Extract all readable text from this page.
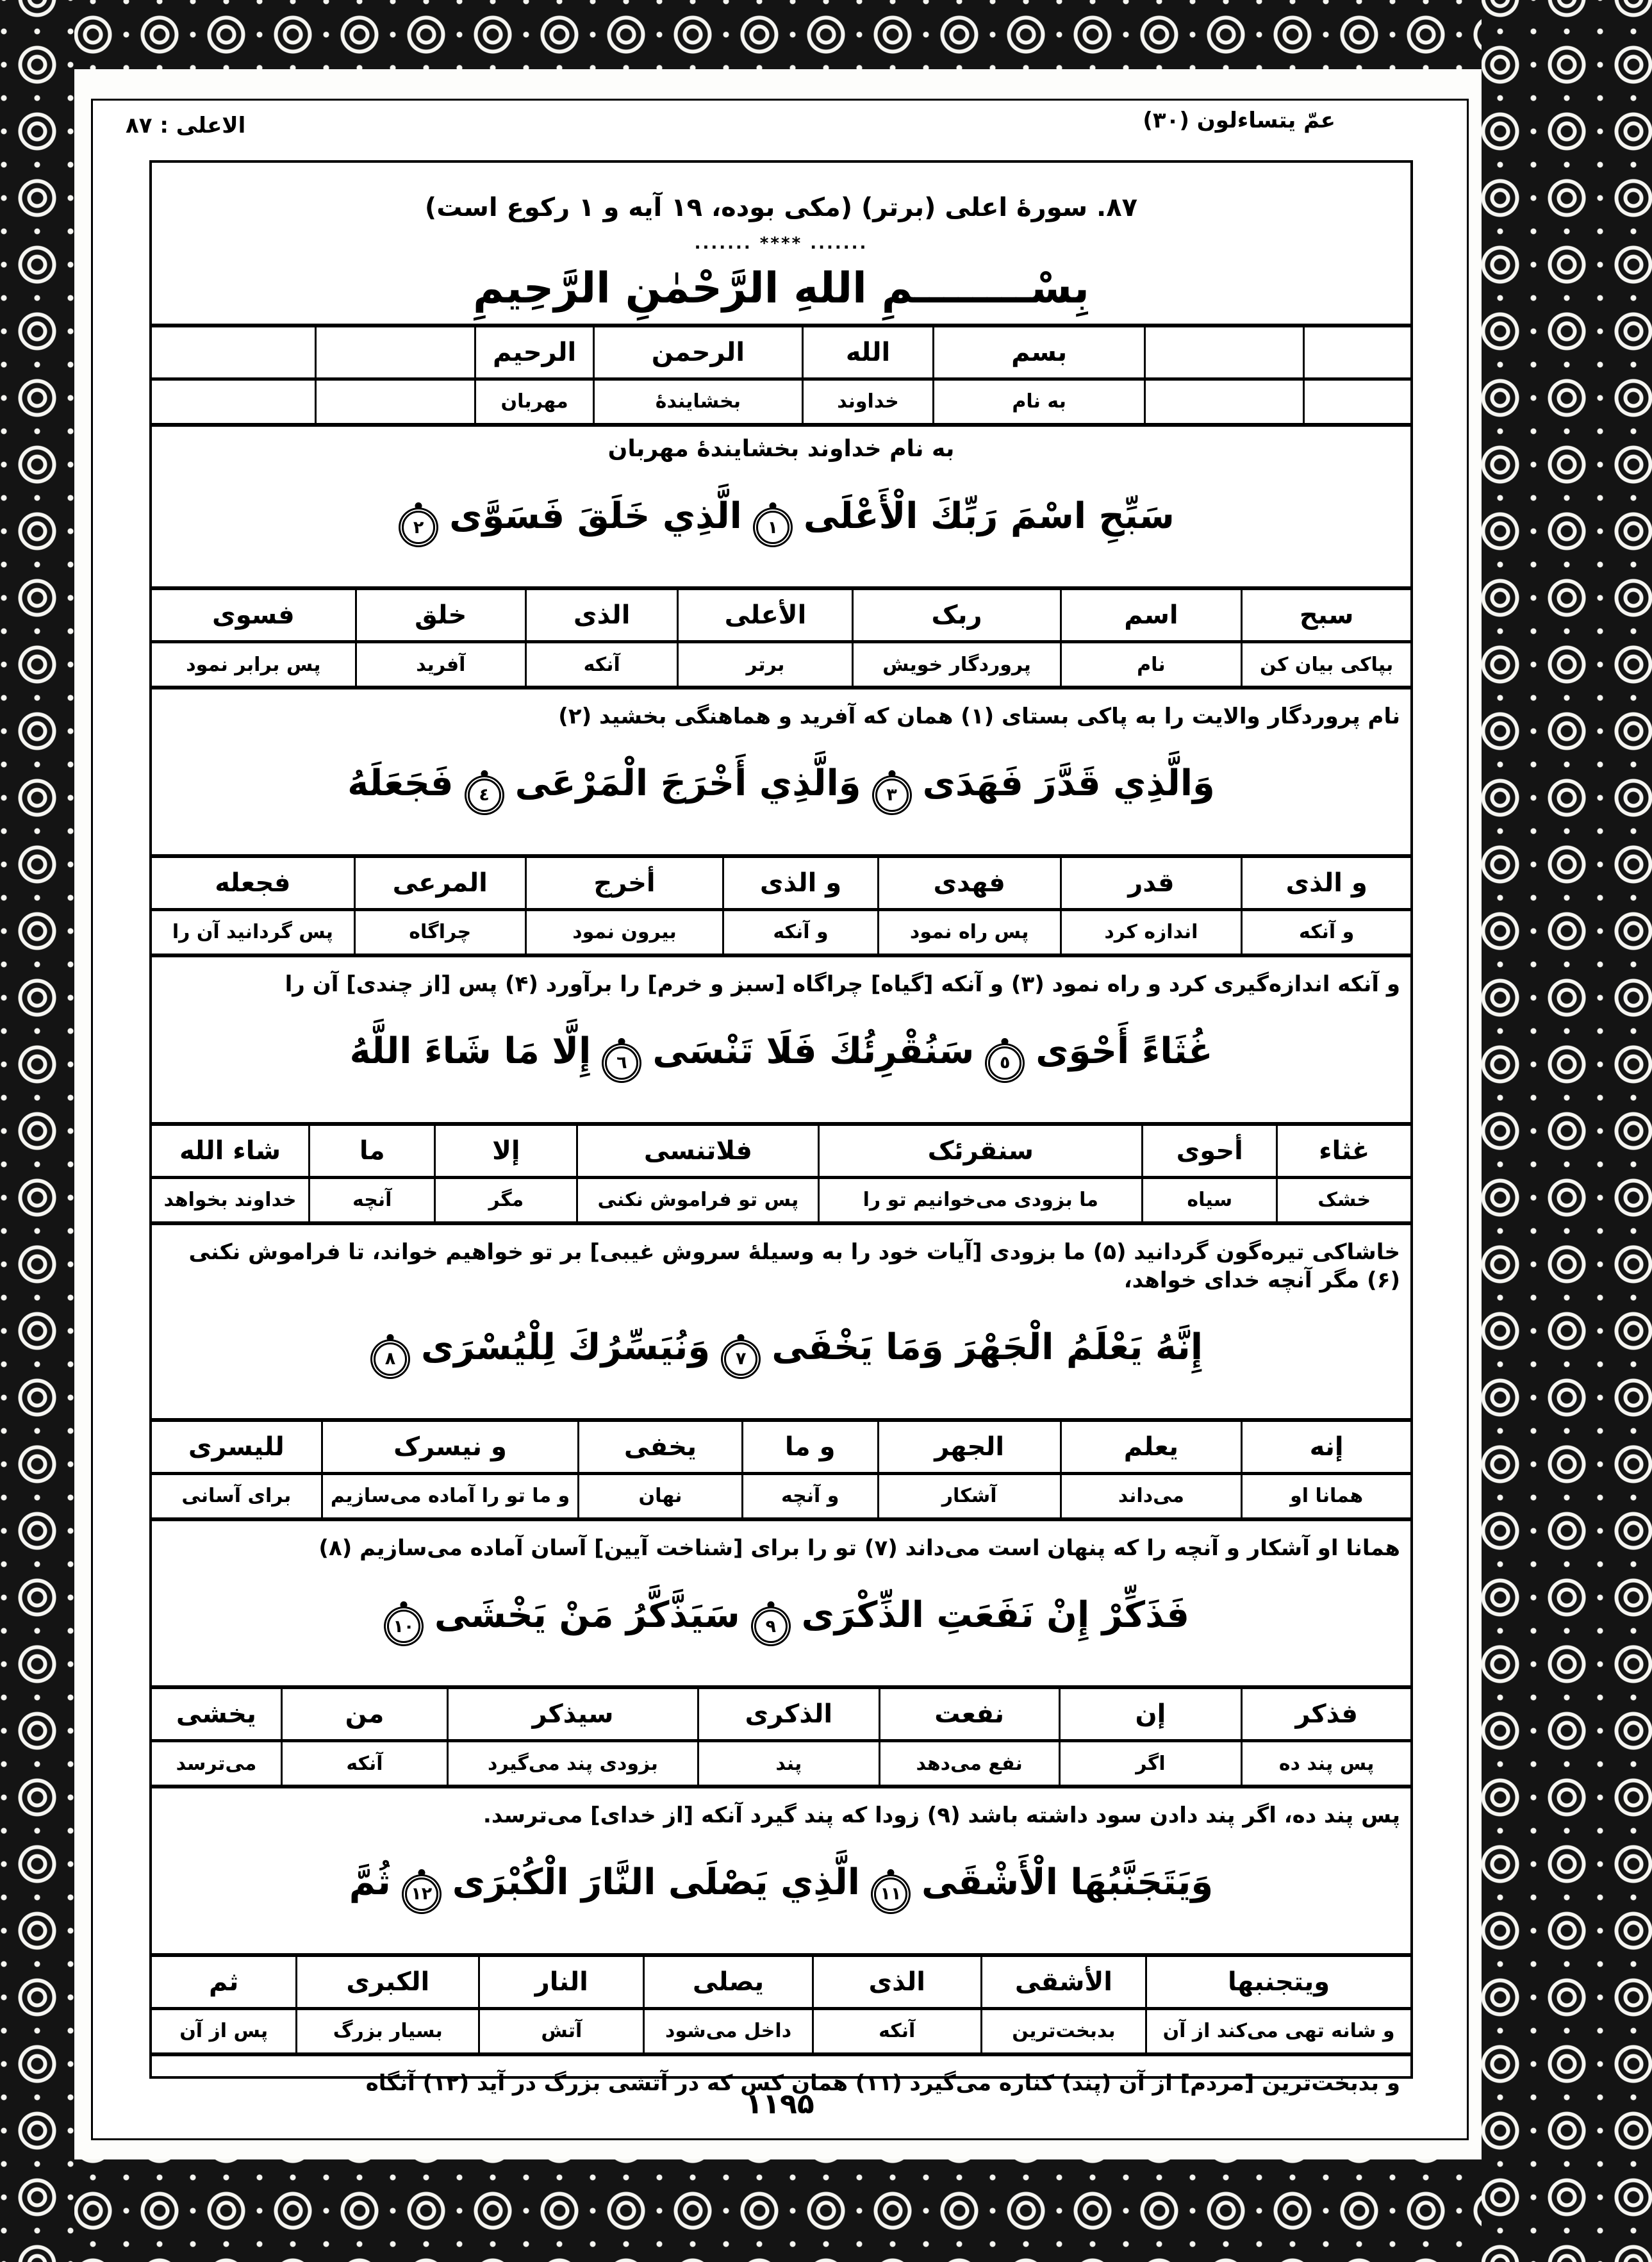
الاعلی : ۸۷	عمّ يتساءلون (۳۰)
۸۷. سورهٔ اعلی (برتر) (مکی بوده، ۱۹ آیه و ۱ رکوع است)
....... **** .......
بِسْــــــــمِ اللهِ الرَّحْمٰنِ الرَّحِيمِ
		بسم	الله	الرحمن	الرحیم		
		به نام	خداوند	بخشایندهٔ	مهربان		
به نام خداوند بخشایندهٔ مهربان
سَبِّحِ اسْمَ رَبِّكَ الْأَعْلَى١الَّذِي خَلَقَ فَسَوَّى٢
سبح	اسم	ربک	الأعلی	الذی	خلق	فسوی
بپاکی بیان کن	نام	پروردگار خویش	برتر	آنکه	آفرید	پس برابر نمود
نام پروردگار والایت را به پاکی بستای (۱) همان که آفرید و هماهنگی بخشید (۲)
وَالَّذِي قَدَّرَ فَهَدَى٣وَالَّذِي أَخْرَجَ الْمَرْعَى٤فَجَعَلَهُ
و الذی	قدر	فهدی	و الذی	أخرج	المرعی	فجعله
و آنکه	اندازه کرد	پس راه نمود	و آنکه	بیرون نمود	چراگاه	پس گردانید آن را
و آنکه اندازه‌گیری کرد و راه نمود (۳) و آنکه [گیاه] چراگاه [سبز و خرم] را برآورد (۴) پس [از چندی] آن را
غُثَاءً أَحْوَى٥سَنُقْرِئُكَ فَلَا تَنْسَى٦إِلَّا مَا شَاءَ اللَّهُ
غثاء	أحوی	سنقرئک	فلاتنسی	إلا	ما	شاء الله
خشک	سیاه	ما بزودی می‌خوانیم تو را	پس تو فراموش نکنی	مگر	آنچه	خداوند بخواهد
خاشاکی تیره‌گون گردانید (۵) ما بزودی [آیات خود را به وسیلهٔ سروش غیبی] بر تو خواهیم خواند، تا فراموش نکنی (۶) مگر آنچه خدای خواهد،
إِنَّهُ يَعْلَمُ الْجَهْرَ وَمَا يَخْفَى٧وَنُيَسِّرُكَ لِلْيُسْرَى٨
إنه	یعلم	الجهر	و ما	یخفی	و نیسرک	للیسری
همانا او	می‌داند	آشکار	و آنچه	نهان	و ما تو را آماده می‌سازیم	برای آسانی
همانا او آشکار و آنچه را که پنهان است می‌داند (۷) تو را برای [شناخت آیین] آسان آماده می‌سازیم (۸)
فَذَكِّرْ إِنْ نَفَعَتِ الذِّكْرَى٩سَيَذَّكَّرُ مَنْ يَخْشَى١٠
فذکر	إن	نفعت	الذکری	سیذکر	من	یخشی
پس پند ده	اگر	نفع می‌دهد	پند	بزودی پند می‌گیرد	آنکه	می‌ترسد
پس پند ده، اگر پند دادن سود داشته باشد (۹) زودا که پند گیرد آنکه [از خدای] می‌ترسد.
وَيَتَجَنَّبُهَا الْأَشْقَى١١الَّذِي يَصْلَى النَّارَ الْكُبْرَى١٢ثُمَّ
ویتجنبها	الأشقی	الذی	یصلی	النار	الکبری	ثم
و شانه تهی می‌کند از آن	بدبخت‌ترین	آنکه	داخل می‌شود	آتش	بسیار بزرگ	پس از آن
و بدبخت‌ترین [مردم] از آن (پند) کناره می‌گیرد (۱۱) همان کس که در آتشی بزرگ در آید (۱۲) آنگاه
۱۱۹۵
